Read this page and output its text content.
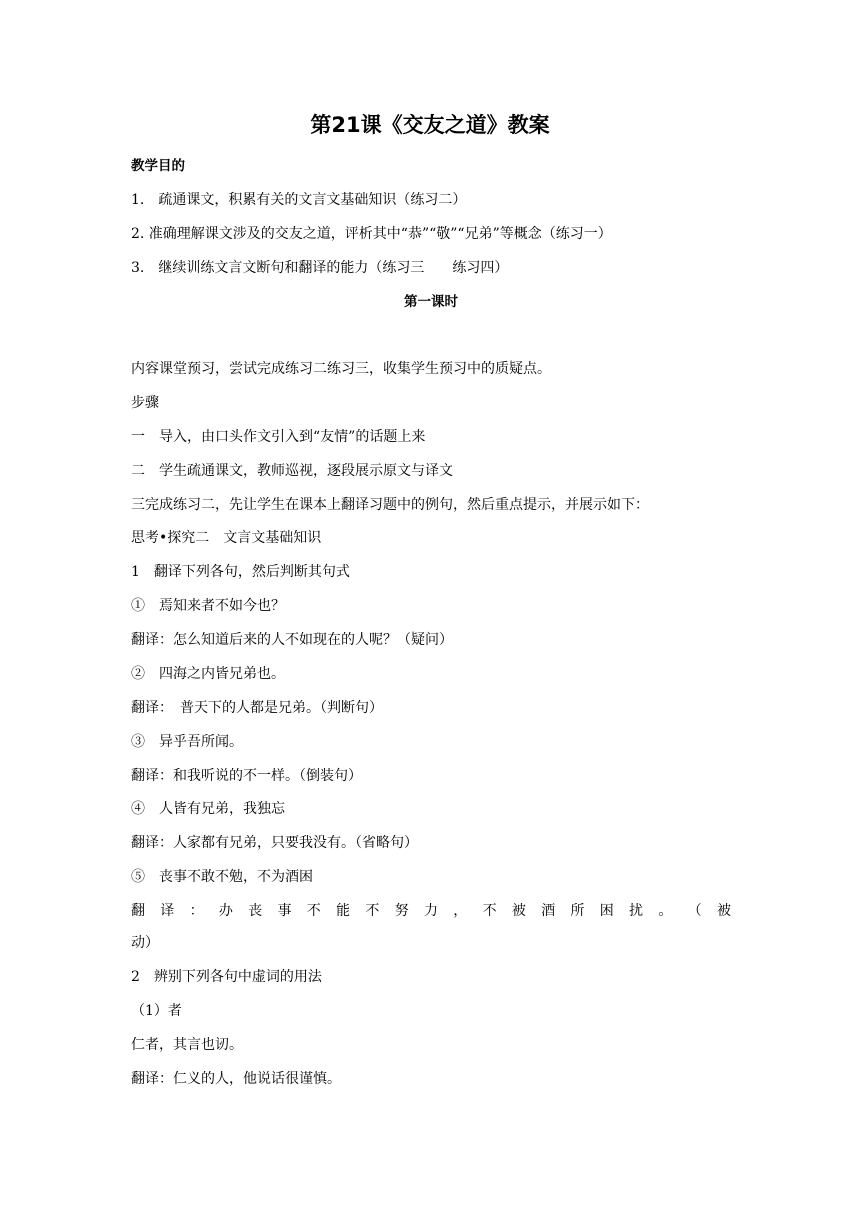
第21课《交友之道》教案
教学目的
1.　疏通课文，积累有关的文言文基础知识（练习二）
2. 准确理解课文涉及的交友之道，评析其中“恭”“敬”“兄弟”等概念（练习一）
3.　继续训练文言文断句和翻译的能力（练习三　　练习四）
第一课时
内容课堂预习，尝试完成练习二练习三，收集学生预习中的质疑点。
步骤
一　导入，由口头作文引入到“友情”的话题上来
二　学生疏通课文，教师巡视，逐段展示原文与译文
三完成练习二，先让学生在课本上翻译习题中的例句，然后重点提示，并展示如下：
思考•探究二　文言文基础知识
1　翻译下列各句，然后判断其句式
①　焉知来者不如今也？
翻译：怎么知道后来的人不如现在的人呢？（疑问）
②　四海之内皆兄弟也。
翻译：　普天下的人都是兄弟。（判断句）
③　异乎吾所闻。
翻译：和我听说的不一样。（倒装句）
④　人皆有兄弟，我独忘
翻译：人家都有兄弟，只要我没有。（省略句）
⑤　丧事不敢不勉，不为酒困
翻 译 ： 办 丧 事 不 能 不 努 力 ， 不 被 酒 所 困 扰 。 （ 被
动）
2　辨别下列各句中虚词的用法
（1）者
仁者，其言也讱。
翻译：仁义的人，他说话很谨慎。
